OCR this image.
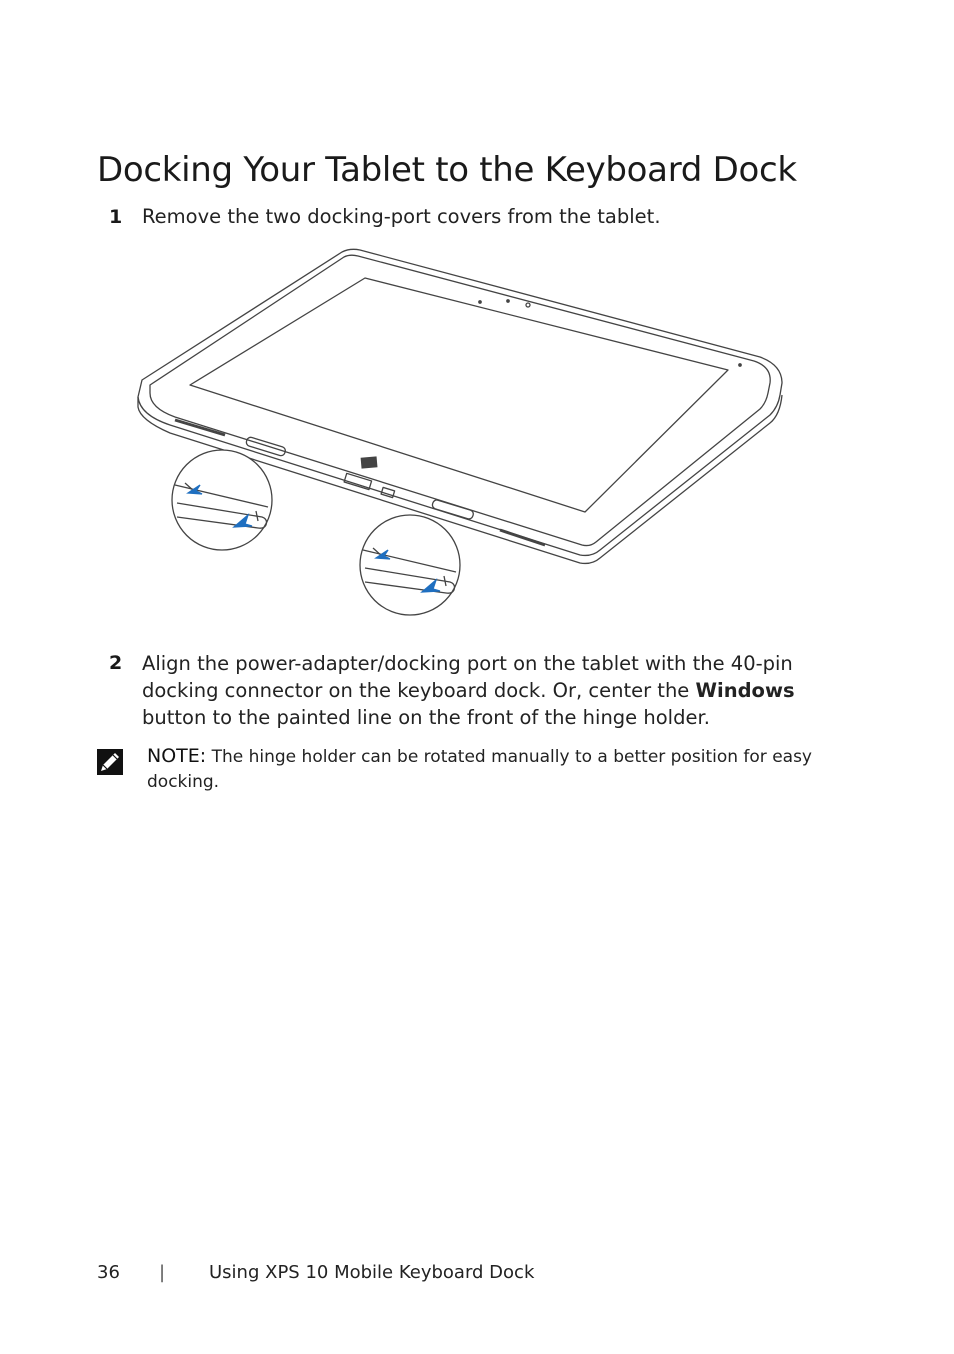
Docking Your Tablet to the Keyboard Dock
1 Remove the two docking-port covers from the tablet.
2 Align the power-adapter/docking port on the tablet with the 40-pin docking connector on the keyboard dock. Or, center the Windows button to the painted line on the front of the hinge holder.
NOTE: The hinge holder can be rotated manually to a better position for easy docking.
36 | Using XPS 10 Mobile Keyboard Dock
